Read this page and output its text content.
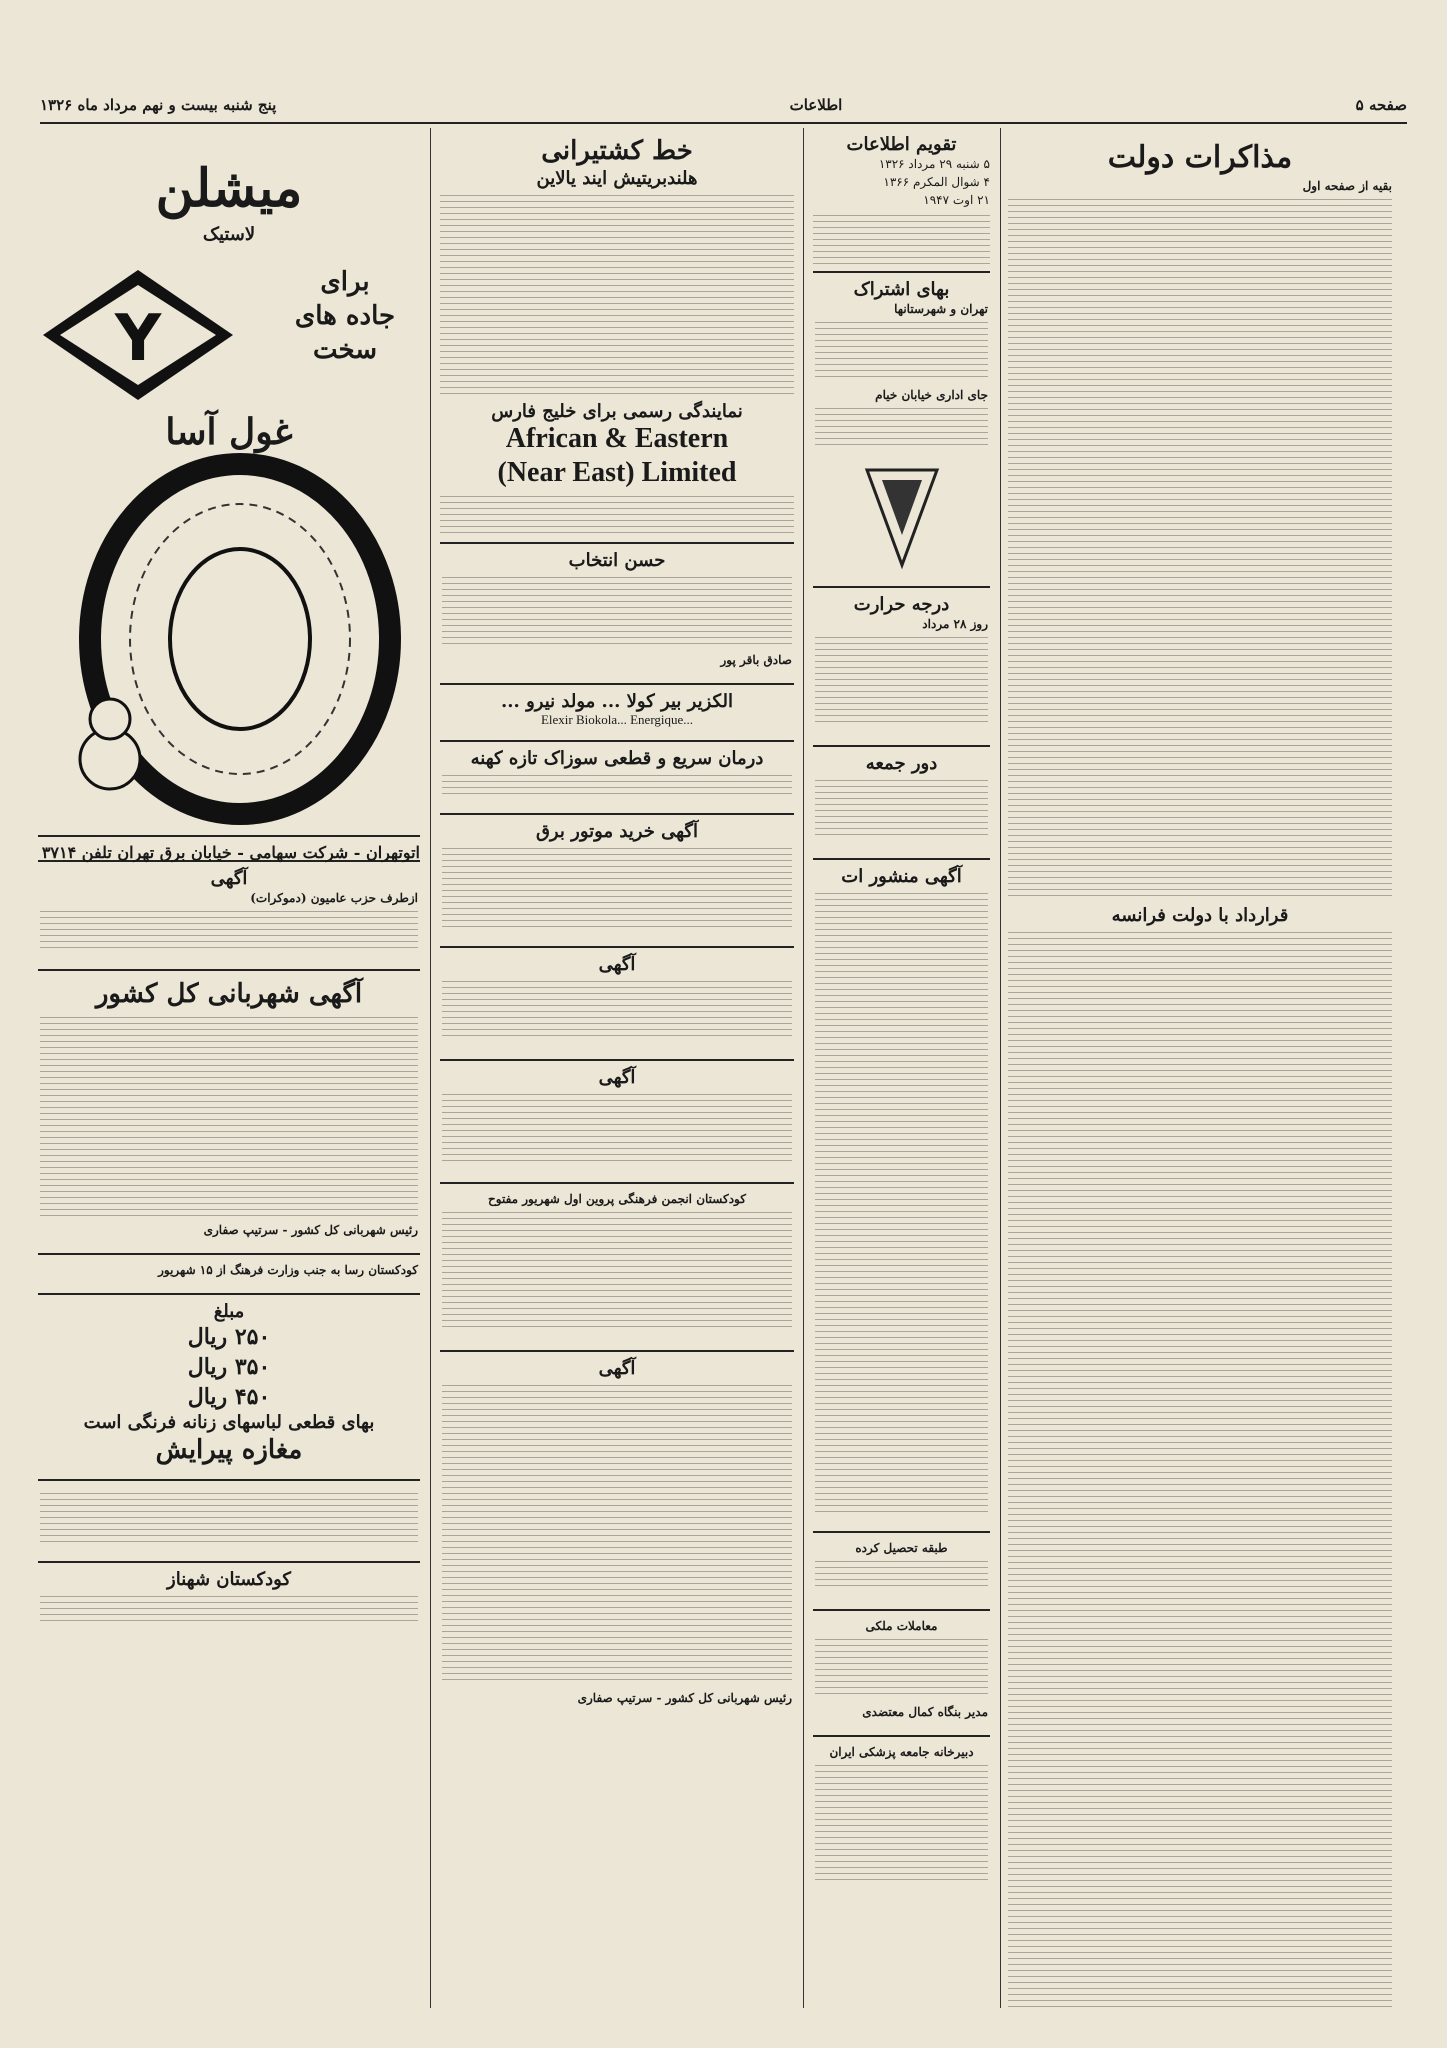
صفحه ۵
اطلاعات
پنج شنبه بیست و نهم مرداد ماه ۱۳۲۶
مذاکرات دولت
بقیه از صفحه اول
قرارداد با دولت فرانسه
تقویم اطلاعات
۵ شنبه ۲۹ مرداد ۱۳۲۶
۴ شوال المکرم ۱۳۶۶
۲۱ اوت ۱۹۴۷
بهای اشتراک
تهران و شهرستانها
جای اداری خیابان خیام
درجه حرارت
روز ۲۸ مرداد
دور جمعه
آگهی منشور ات
طبقه تحصیل کرده
معاملات ملکی
مدیر بنگاه کمال معتضدی
دبیرخانه جامعه پزشکی ایران
خط کشتیرانی
هلندبریتیش ایند یالاین
نمایندگی رسمی برای خلیج فارس
African & Eastern
(Near East) Limited
حسن انتخاب
صادق باقر پور
الکزیر بیر کولا ... مولد نیرو ...
Elexir Biokola... Energique...
درمان سریع و قطعی سوزاک تازه کهنه
آگهی خرید موتور برق
آگهی
آگهی
کودکستان انجمن فرهنگی پروین اول شهریور مفتوح
آگهی
رئیس شهربانی کل کشور - سرتیپ صفاری
میشلن
لاستیک
برای
جاده های
سخت
Y
غول آسا
اتوتهران - شرکت سهامی - خیابان برق تهران تلفن ۳۷۱۴
آگهی
ازطرف حزب عامیون (دموکرات)
آگهی شهربانی کل کشور
رئیس شهربانی کل کشور - سرتیپ صفاری
کودکستان رسا به جنب وزارت فرهنگ از ۱۵ شهریور
مبلغ
۲۵۰ ریال
۳۵۰ ریال
۴۵۰ ریال
بهای قطعی لباسهای زنانه فرنگی است
مغازه پیرایش
کودکستان شهناز
